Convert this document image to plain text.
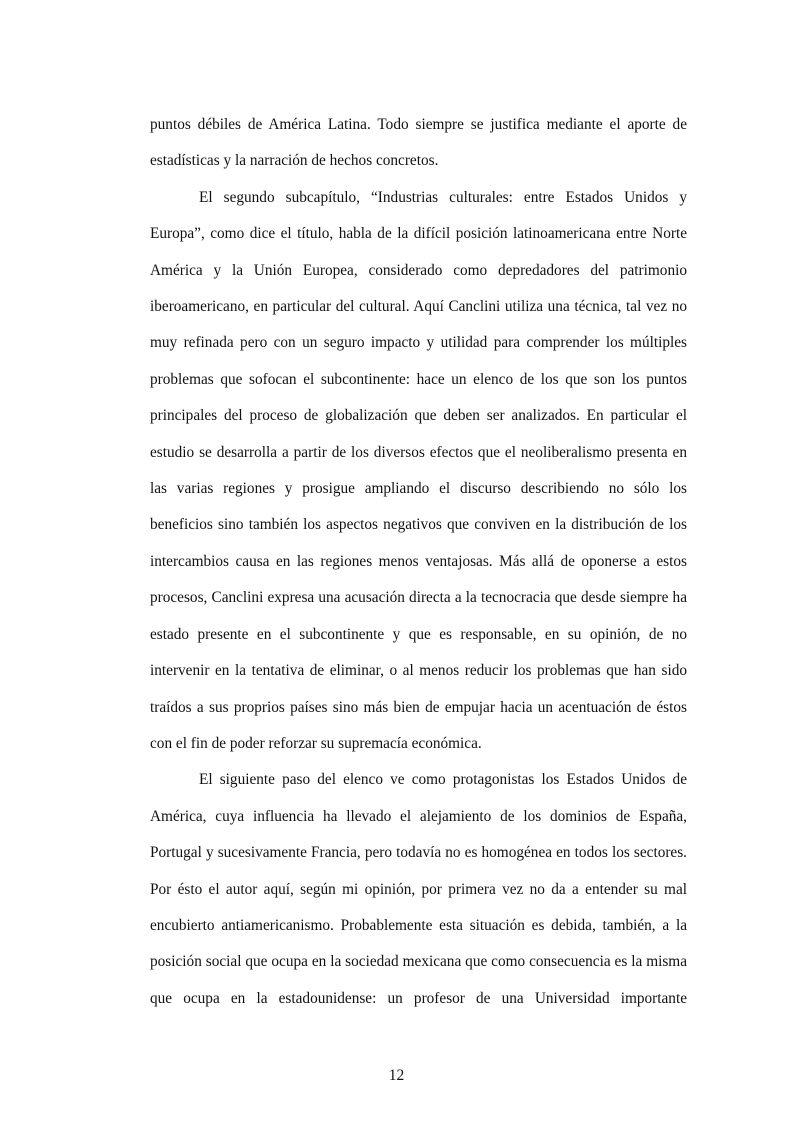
puntos débiles de América Latina. Todo siempre se justifica mediante el aporte de estadísticas y la narración de hechos concretos.

El segundo subcapítulo, “Industrias culturales: entre Estados Unidos y Europa”, como dice el título, habla de la difícil posición latinoamericana entre Norte América y la Unión Europea, considerado como depredadores del patrimonio iberoamericano, en particular del cultural. Aquí Canclini utiliza una técnica, tal vez no muy refinada pero con un seguro impacto y utilidad para comprender los múltiples problemas que sofocan el subcontinente: hace un elenco de los que son los puntos principales del proceso de globalización que deben ser analizados. En particular el estudio se desarrolla a partir de los diversos efectos que el neoliberalismo presenta en las varias regiones y prosigue ampliando el discurso describiendo no sólo los beneficios sino también los aspectos negativos que conviven en la distribución de los intercambios causa en las regiones menos ventajosas. Más allá de oponerse a estos procesos, Canclini expresa una acusación directa a la tecnocracia que desde siempre ha estado presente en el subcontinente y que es responsable, en su opinión, de no intervenir en la tentativa de eliminar, o al menos reducir los problemas que han sido traídos a sus proprios países sino más bien de empujar hacia un acentuación de éstos con el fin de poder reforzar su supremacía económica.

El siguiente paso del elenco ve como protagonistas los Estados Unidos de América, cuya influencia ha llevado el alejamiento de los dominios de España, Portugal y sucesivamente Francia, pero todavía no es homogénea en todos los sectores. Por ésto el autor aquí, según mi opinión, por primera vez no da a entender su mal encubierto antiamericanismo. Probablemente esta situación es debida, también, a la posición social que ocupa en la sociedad mexicana que como consecuencia es la misma que ocupa en la estadounidense: un profesor de una Universidad importante

12
